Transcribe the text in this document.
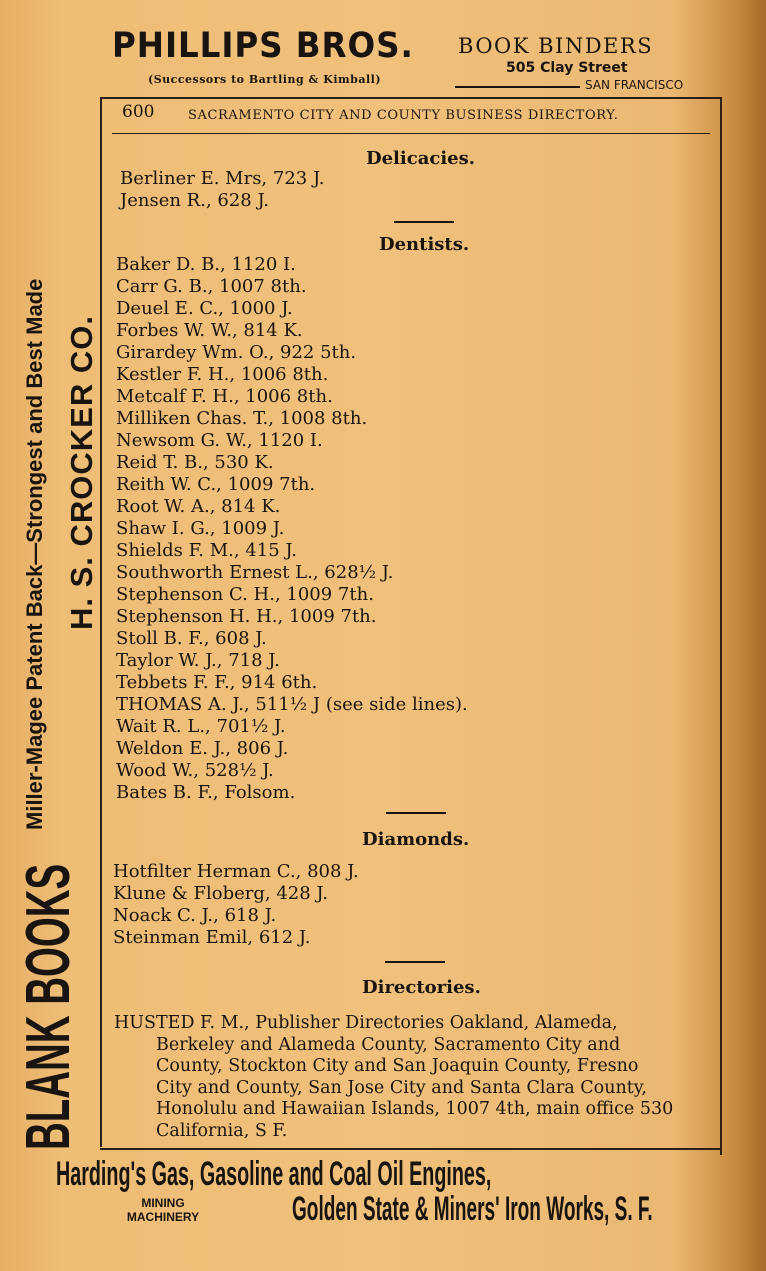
PHILLIPS BROS.
(Successors to Bartling & Kimball)
BOOK BINDERS
505 Clay Street
SAN FRANCISCO
BLANK BOOKS
Miller-Magee Patent Back—Strongest and Best Made H. S. CROCKER CO.
600	SACRAMENTO CITY AND COUNTY BUSINESS DIRECTORY.
Delicacies.
Berliner E. Mrs, 723 J.
Jensen R., 628 J.
Dentists.
Baker D. B., 1120 I.
Carr G. B., 1007 8th.
Deuel E. C., 1000 J.
Forbes W. W., 814 K.
Girardey Wm. O., 922 5th.
Kestler F. H., 1006 8th.
Metcalf F. H., 1006 8th.
Milliken Chas. T., 1008 8th.
Newsom G. W., 1120 I.
Reid T. B., 530 K.
Reith W. C., 1009 7th.
Root W. A., 814 K.
Shaw I. G., 1009 J.
Shields F. M., 415 J.
Southworth Ernest L., 628½ J.
Stephenson C. H., 1009 7th.
Stephenson H. H., 1009 7th.
Stoll B. F., 608 J.
Taylor W. J., 718 J.
Tebbets F. F., 914 6th.
THOMAS A. J., 511½ J (see side lines).
Wait R. L., 701½ J.
Weldon E. J., 806 J.
Wood W., 528½ J.
Bates B. F., Folsom.
Diamonds.
Hotfilter Herman C., 808 J.
Klune & Floberg, 428 J.
Noack C. J., 618 J.
Steinman Emil, 612 J.
Directories.
HUSTED F. M., Publisher Directories Oakland, Alameda,
Berkeley and Alameda County, Sacramento City and
County, Stockton City and San Joaquin County, Fresno
City and County, San Jose City and Santa Clara County,
Honolulu and Hawaiian Islands, 1007 4th, main office 530
California, S F.
Harding's Gas, Gasoline and Coal Oil Engines,
MINING
MACHINERY	Golden State & Miners' Iron Works, S. F.
